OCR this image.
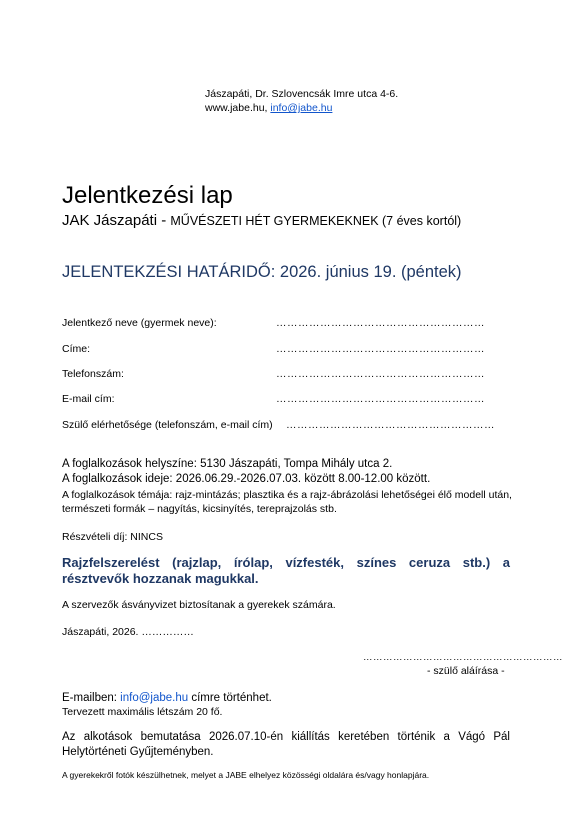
Jászapáti, Dr. Szlovencsák Imre utca 4-6.
www.jabe.hu, info@jabe.hu
Jelentkezési lap
JAK Jászapáti - MŰVÉSZETI HÉT GYERMEKEKNEK (7 éves kortól)
JELENTEKZÉSI HATÁRIDŐ: 2026. június 19. (péntek)
Jelentkező neve (gyermek neve):	…………………………………………………
Címe:	…………………………………………………
Telefonszám:	…………………………………………………
E-mail cím:	…………………………………………………
Szülő elérhetősége (telefonszám, e-mail cím) …………………………………………………
A foglalkozások helyszíne: 5130 Jászapáti, Tompa Mihály utca 2.
A foglalkozások ideje: 2026.06.29.-2026.07.03. között 8.00-12.00 között.
A foglalkozások témája: rajz-mintázás; plasztika és a rajz-ábrázolási lehetőségei élő modell után,
természeti formák – nagyítás, kicsinyítés, tereprajzolás stb.
Részvételi díj: NINCS
Rajzfelszerelést (rajzlap, írólap, vízfesték, színes ceruza stb.) a
résztvevők hozzanak magukkal.
A szervezők ásványvizet biztosítanak a gyerekek számára.
Jászapáti, 2026. ……………
……………………………………………………
- szülő aláírása -
E-mailben: info@jabe.hu címre történhet.
Tervezett maximális létszám 20 fő.
Az alkotások bemutatása 2026.07.10-én kiállítás keretében történik a Vágó Pál
Helytörténeti Gyűjteményben.
A gyerekekről fotók készülhetnek, melyet a JABE elhelyez közösségi oldalára és/vagy honlapjára.
